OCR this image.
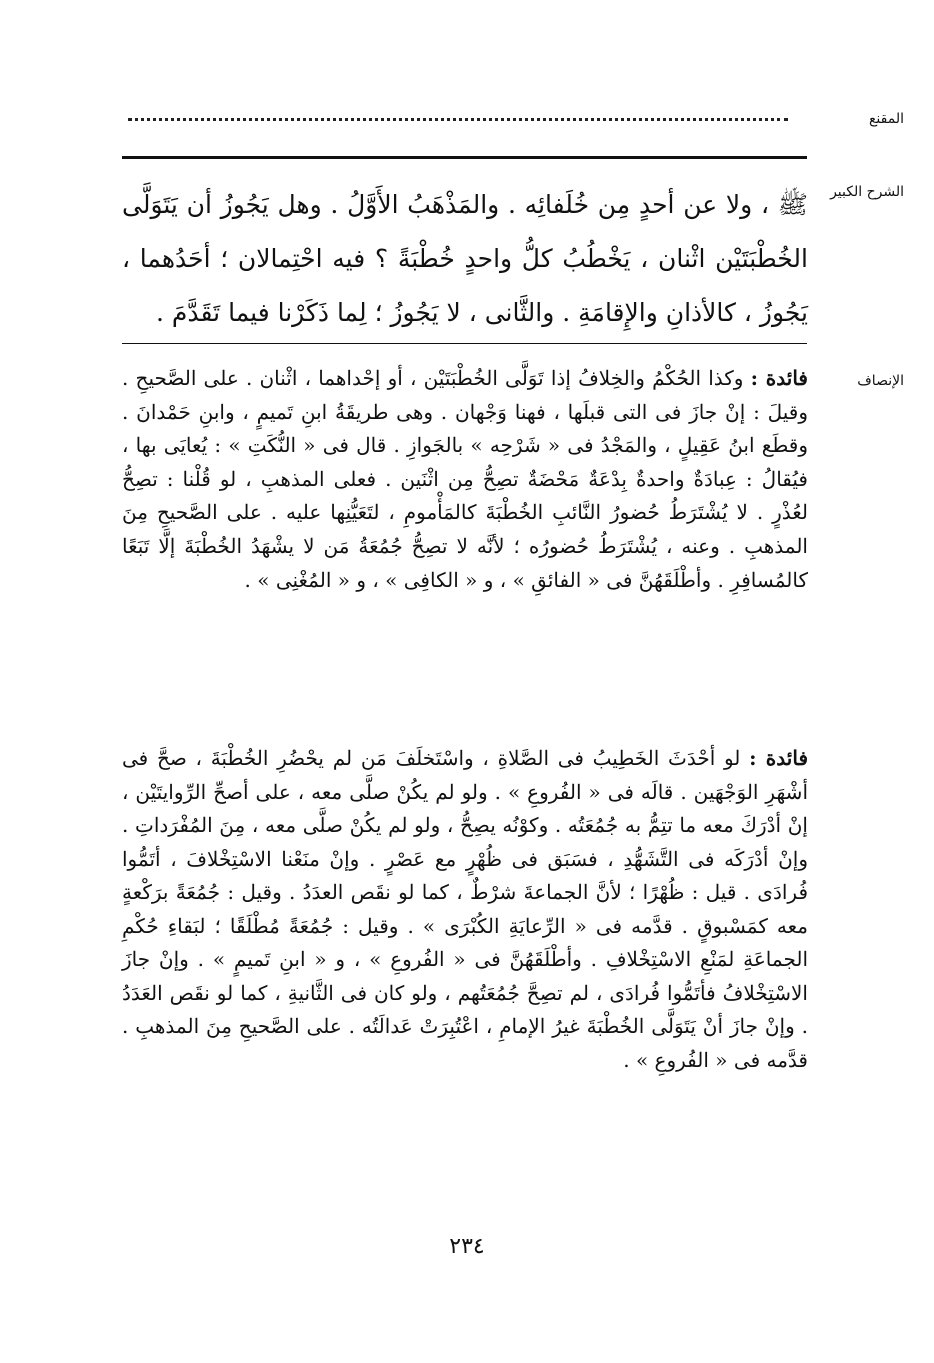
المقنع
الشرح الكبير
ﷺ ، ولا عن أحدٍ مِن خُلَفائِه . والمَذْهَبُ الأَوَّلُ . وهل يَجُوزُ أن يَتَوَلَّى الخُطْبَتَيْن اثْنان ، يَخْطُبُ كلُّ واحدٍ خُطْبَةً ؟ فيه احْتِمالان ؛ أحَدُهما ، يَجُوزُ ، كالأذانِ والإِقامَةِ . والثَّانى ، لا يَجُوزُ ؛ لِما ذَكَرْنا فيما تَقَدَّمَ .
الإنصاف
فائدة : وكذا الحُكْمُ والخِلافُ إذا تَوَلَّى الخُطْبَتَيْن ، أو إحْداهما ، اثْنان . على الصَّحيحِ . وقيلَ : إنْ جازَ فى التى قبلَها ، فهنا وَجْهان . وهى طريقَةُ ابنِ تَميمٍ ، وابنِ حَمْدانَ . وقطَع ابنُ عَقِيلٍ ، والمَجْدُ فى « شَرْحِه » بالجَوازِ . قال فى « النُّكَتِ » : يُعايَى بها ، فيُقالُ : عِبادَةٌ واحدةٌ بِدْعَةٌ مَحْضَةٌ تصِحُّ مِن اثْنَين . فعلى المذهبِ ، لو قُلْنا : تصِحُّ لعُذْرٍ . لا يُشْتَرَطُ حُضورُ النَّائبِ الخُطْبَةَ كالمَأْمومِ ، لتَعَيُّنِها عليه . على الصَّحيحِ مِنَ المذهبِ . وعنه ، يُشْتَرَطُ حُضورُه ؛ لأنَّه لا تصِحُّ جُمُعَةُ مَن لا يشْهَدُ الخُطْبَةَ إلَّا تَبَعًا كالمُسافِرِ . وأطْلَقَهُنَّ فى « الفائقِ » ، و « الكافِى » ، و « المُغْنِى » .
فائدة : لو أحْدَثَ الخَطِيبُ فى الصَّلاةِ ، واسْتَخلَفَ مَن لم يحْضُرِ الخُطْبَةَ ، صحَّ فى أشْهَرِ الوَجْهَين . قالَه فى « الفُروعِ » . ولو لم يكُنْ صلَّى معه ، على أصحِّ الرِّوايتَيْن ، إنْ أدْرَكَ معه ما تتِمُّ به جُمُعَتُه . وكوْنُه يصِحُّ ، ولو لم يكُنْ صلَّى معه ، مِنَ المُفْرَداتِ . وإنْ أدْرَكَه فى التَّشَهُّدِ ، فسَبَق فى ظُهْرٍ مع عَصْرٍ . وإنْ منَعْنا الاسْتِخْلافَ ، أتَمُّوا فُرادَى . قيل : ظُهْرًا ؛ لأنَّ الجماعةَ شرْطٌ ، كما لو نقَص العدَدُ . وقيل : جُمُعَةً برَكْعةٍ معه كمَسْبوقٍ . قدَّمه فى « الرِّعايَةِ الكُبْرَى » . وقيل : جُمُعَةً مُطْلَقًا ؛ لبَقاءِ حُكْمِ الجماعَةِ لمَنْعِ الاسْتِخْلافِ . وأطْلَقَهُنَّ فى « الفُروعِ » ، و « ابنِ تَميمٍ » . وإنْ جازَ الاسْتِخْلافُ فأتَمُّوا فُرادَى ، لم تصِحَّ جُمُعَتُهم ، ولو كان فى الثَّانيةِ ، كما لو نقَص العَدَدُ . وإنْ جازَ أنْ يَتَوَلَّى الخُطْبَةَ غيرُ الإمامِ ، اعْتُبِرَتْ عَدالَتُه . على الصَّحيحِ مِنَ المذهبِ . قدَّمه فى « الفُروعِ » .
٢٣٤
